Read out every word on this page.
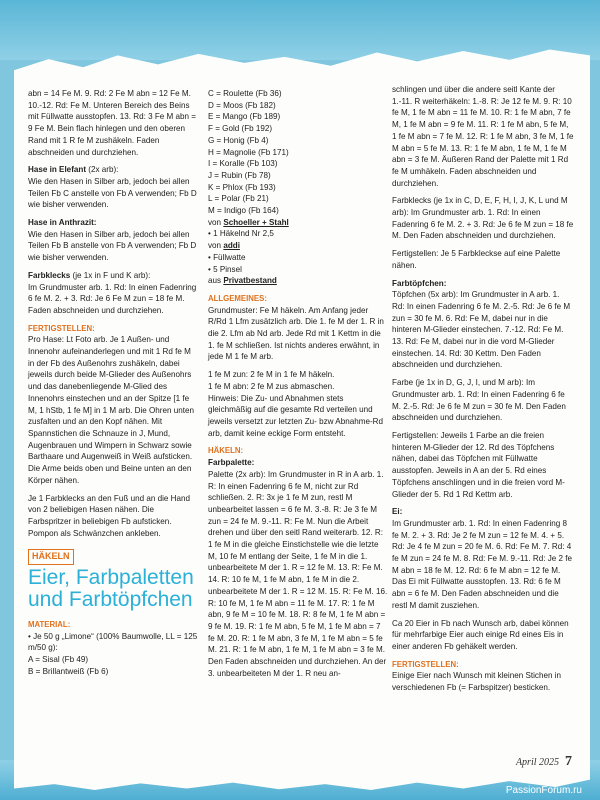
abn = 14 Fe M. 9. Rd: 2 Fe M abn = 12 Fe M. 10.-12. Rd: Fe M. Unteren Bereich des Beins mit Füllwatte ausstopfen. 13. Rd: 3 Fe M abn = 9 Fe M. Bein flach hinlegen und den oberen Rand mit 1 R fe M zushäkeln. Faden abschneiden und durchziehen.

Hase in Elefant (2x arb):
Wie den Hasen in Silber arb, jedoch bei allen Teilen Fb C anstelle von Fb A verwenden; Fb D wie bisher verwenden.

Hase in Anthrazit:
Wie den Hasen in Silber arb, jedoch bei allen Teilen Fb B anstelle von Fb A verwenden; Fb D wie bisher verwenden.

Farbklecks (je 1x in F und K arb):
Im Grundmuster arb. 1. Rd: In einen Fadenring 6 fe M. 2. + 3. Rd: Je 6 Fe M zun = 18 fe M. Faden abschneiden und durchziehen.

FERTIGSTELLEN:

Pro Hase: Lt Foto arb. Je 1 Außen- und Innenohr aufeinanderlegen und mit 1 Rd fe M in der Fb des Außenohrs zushäkeln, dabei jeweils durch beide M-Glieder des Außenohrs und das danebenliegende M-Glied des Innenohrs einstechen und an der Spitze [1 fe M, 1 hStb, 1 fe M] in 1 M arb. Die Ohren unten zusfalten und an den Kopf nähen. Mit Spannstichen die Schnauze in J, Mund, Augenbrauen und Wimpern in Schwarz sowie Barthaare und Augenweiß in Weiß aufsticken. Die Arme beids oben und Beine unten an den Körper nähen.

Je 1 Farbklecks an den Fuß und an die Hand von 2 beliebigen Hasen nähen. Die Farbspritzer in beliebigen Fb aufsticken. Pompon als Schwänzchen ankleben.

HÄKELN
Eier, Farbpaletten und Farbtöpfchen
MATERIAL:
• Je 50 g „Limone“ (100% Baumwolle, LL = 125 m/50 g):
A = Sisal (Fb 49)
B = Brillantweiß (Fb 6)
C = Roulette (Fb 36)
D = Moos (Fb 182)
E = Mango (Fb 189)
F = Gold (Fb 192)
G = Honig (Fb 4)
H = Magnolie (Fb 171)
I = Koralle (Fb 103)
J = Rubin (Fb 78)
K = Phlox (Fb 193)
L = Polar (Fb 21)
M = Indigo (Fb 164)
von Schoeller + Stahl
• 1 Häkelnd Nr 2,5
von addi
• Füllwatte
• 5 Pinsel

aus Privatbestand

ALLGEMEINES:

Grundmuster: Fe M häkeln. Am Anfang jeder R/Rd 1 Lfm zusätzlich arb. Die 1. fe M der 1. R in die 2. Lfm ab Nd arb. Jede Rd mit 1 Kettm in die 1. fe M schließen. Ist nichts anderes erwähnt, in jede M 1 fe M arb.

1 fe M zun: 2 fe M in 1 fe M häkeln.
1 fe M abn: 2 fe M zus abmaschen.

Hinweis: Die Zu- und Abnahmen stets gleichmäßig auf die gesamte Rd verteilen und jeweils versetzt zur letzten Zu- bzw Abnahme-Rd arb, damit keine eckige Form entsteht.

HÄKELN:
Farbpalette:

Palette (2x arb): Im Grundmuster in R in A arb. 1. R: In einen Fadenring 6 fe M, nicht zur Rd schließen. 2. R: 3x je 1 fe M zun, restl M unbearbeitet lassen = 6 fe M. 3.-8. R: Je 3 fe M zun = 24 fe M. 9.-11. R: Fe M. Nun die Arbeit drehen und über den seitl Rand weiterarb. 12. R: 1 fe M in die gleiche Einstichstelle wie die letzte M, 10 fe M entlang der Seite, 1 fe M in die 1. unbearbeitete M der 1. R = 12 fe M. 13. R: Fe M. 14. R: 10 fe M, 1 fe M abn, 1 fe M in die 2. unbearbeitete M der 1. R = 12 M. 15. R: Fe M. 16. R: 10 fe M, 1 fe M abn = 11 fe M. 17. R: 1 fe M abn, 9 fe M = 10 fe M. 18. R: 8 fe M, 1 fe M abn = 9 fe M. 19. R: 1 fe M abn, 5 fe M, 1 fe M abn = 7 fe M. 20. R: 1 fe M abn, 3 fe M, 1 fe M abn = 5 fe M. 21. R: 1 fe M abn, 1 fe M, 1 fe M abn = 3 fe M. Den Faden abschneiden und durchziehen. An der 3. unbearbeiteten M der 1. R neu an-

schlingen und über die andere seitl Kante der 1.-11. R weiterhäkeln: 1.-8. R: Je 12 fe M. 9. R: 10 fe M, 1 fe M abn = 11 fe M. 10. R: 1 fe M abn, 7 fe M, 1 fe M abn = 9 fe M. 11. R: 1 fe M abn, 5 fe M, 1 fe M abn = 7 fe M. 12. R: 1 fe M abn, 3 fe M, 1 fe M abn = 5 fe M. 13. R: 1 fe M abn, 1 fe M, 1 fe M abn = 3 fe M. Äußeren Rand der Palette mit 1 Rd fe M umhäkeln. Faden abschneiden und durchziehen.

Farbklecks (je 1x in C, D, E, F, H, I, J, K, L und M arb): Im Grundmuster arb. 1. Rd: In einen Fadenring 6 fe M. 2. + 3. Rd: Je 6 fe M zun = 18 fe M. Den Faden abschneiden und durchziehen.

Fertigstellen: Je 5 Farbkleckse auf eine Palette nähen.

Farbtöpfchen:

Töpfchen (5x arb): Im Grundmuster in A arb. 1. Rd: In einen Fadenring 6 fe M. 2.-5. Rd: Je 6 fe M zun = 30 fe M. 6. Rd: Fe M, dabei nur in die hinteren M-Glieder einstechen. 7.-12. Rd: Fe M. 13. Rd: Fe M, dabei nur in die vord M-Glieder einstechen. 14. Rd: 30 Kettm. Den Faden abschneiden und durchziehen.

Farbe (je 1x in D, G, J, I, und M arb): Im Grundmuster arb. 1. Rd: In einen Fadenring 6 fe M. 2.-5. Rd: Je 6 fe M zun = 30 fe M. Den Faden abschneiden und durchziehen.

Fertigstellen: Jeweils 1 Farbe an die freien hinteren M-Glieder der 12. Rd des Töpfchens nähen, dabei das Töpfchen mit Füllwatte ausstopfen. Jeweils in A an der 5. Rd eines Töpfchens anschlingen und in die freien vord M-Glieder der 5. Rd 1 Rd Kettm arb.

Ei:

Im Grundmuster arb. 1. Rd: In einen Fadenring 8 fe M. 2. + 3. Rd: Je 2 fe M zun = 12 fe M. 4. + 5. Rd: Je 4 fe M zun = 20 fe M. 6. Rd: Fe M. 7. Rd: 4 fe M zun = 24 fe M. 8. Rd: Fe M. 9.-11. Rd: Je 2 fe M abn = 18 fe M. 12. Rd: 6 fe M abn = 12 fe M. Das Ei mit Füllwatte ausstopfen. 13. Rd: 6 fe M abn = 6 fe M. Den Faden abschneiden und die restl M damit zusziehen.

Ca 20 Eier in Fb nach Wunsch arb, dabei können für mehrfarbige Eier auch einige Rd eines Eis in einer anderen Fb gehäkelt werden.

FERTIGSTELLEN:

Einige Eier nach Wunsch mit kleinen Stichen in verschiedenen Fb (= Farbspitzer) besticken.

April 2025 7
PassionForum.ru
